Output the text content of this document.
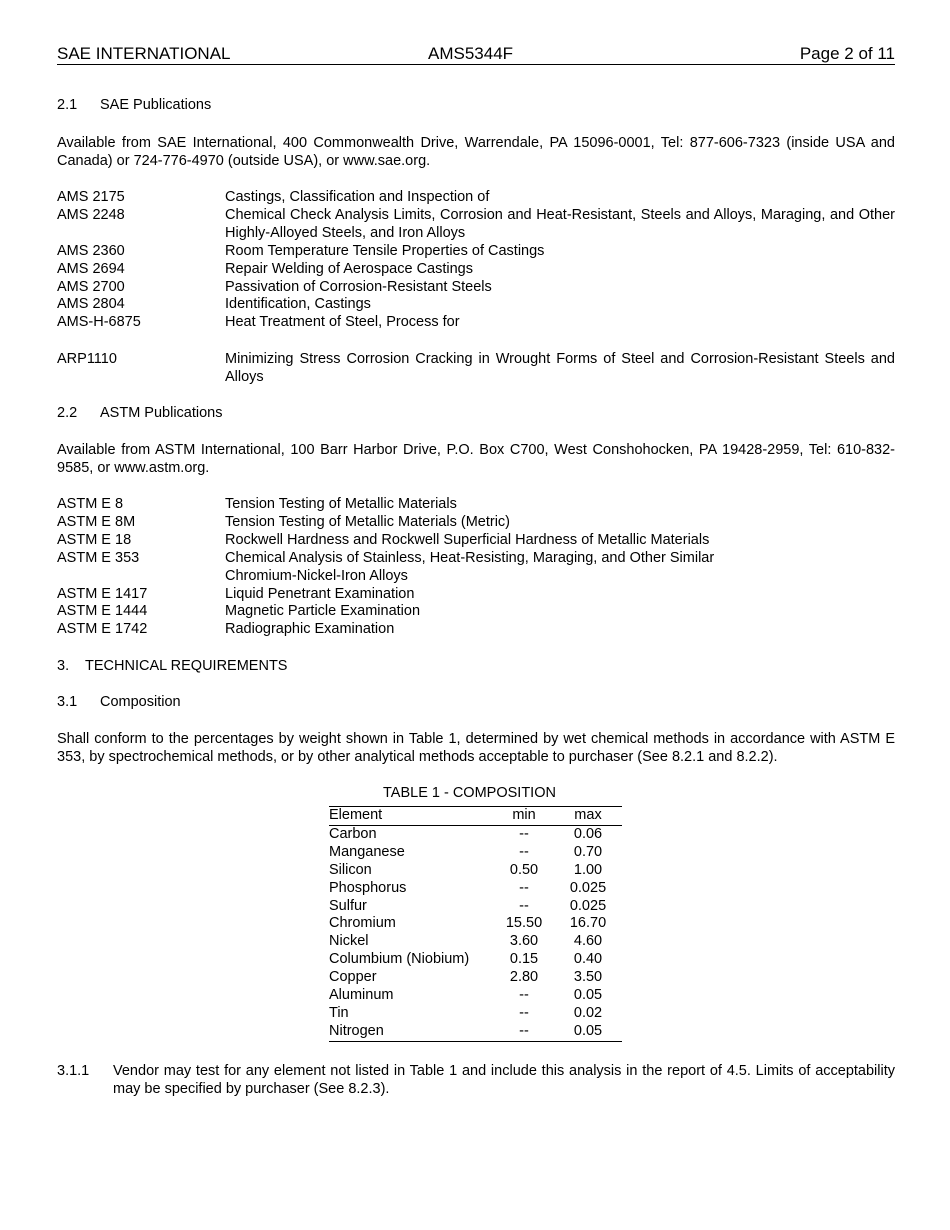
SAE INTERNATIONAL	AMS5344F	Page 2 of 11
2.1 SAE Publications
Available from SAE International, 400 Commonwealth Drive, Warrendale, PA 15096-0001, Tel: 877-606-7323 (inside USA and Canada) or 724-776-4970 (outside USA), or www.sae.org.
AMS 2175	Castings, Classification and Inspection of
AMS 2248	Chemical Check Analysis Limits, Corrosion and Heat-Resistant, Steels and Alloys, Maraging, and Other Highly-Alloyed Steels, and Iron Alloys
AMS 2360	Room Temperature Tensile Properties of Castings
AMS 2694	Repair Welding of Aerospace Castings
AMS 2700	Passivation of Corrosion-Resistant Steels
AMS 2804	Identification, Castings
AMS-H-6875	Heat Treatment of Steel, Process for
ARP1110	Minimizing Stress Corrosion Cracking in Wrought Forms of Steel and Corrosion-Resistant Steels and Alloys
2.2 ASTM Publications
Available from ASTM International, 100 Barr Harbor Drive, P.O. Box C700, West Conshohocken, PA 19428-2959, Tel: 610-832-9585, or www.astm.org.
ASTM E 8	Tension Testing of Metallic Materials
ASTM E 8M	Tension Testing of Metallic Materials (Metric)
ASTM E 18	Rockwell Hardness and Rockwell Superficial Hardness of Metallic Materials
ASTM E 353	Chemical Analysis of Stainless, Heat-Resisting, Maraging, and Other Similar Chromium-Nickel-Iron Alloys
ASTM E 1417	Liquid Penetrant Examination
ASTM E 1444	Magnetic Particle Examination
ASTM E 1742	Radiographic Examination
3. TECHNICAL REQUIREMENTS
3.1 Composition
Shall conform to the percentages by weight shown in Table 1, determined by wet chemical methods in accordance with ASTM E 353, by spectrochemical methods, or by other analytical methods acceptable to purchaser (See 8.2.1 and 8.2.2).
TABLE 1 - COMPOSITION
Element	min	max
Carbon	--	0.06
Manganese	--	0.70
Silicon	0.50	1.00
Phosphorus	--	0.025
Sulfur	--	0.025
Chromium	15.50	16.70
Nickel	3.60	4.60
Columbium (Niobium)	0.15	0.40
Copper	2.80	3.50
Aluminum	--	0.05
Tin	--	0.02
Nitrogen	--	0.05
3.1.1 Vendor may test for any element not listed in Table 1 and include this analysis in the report of 4.5. Limits of acceptability may be specified by purchaser (See 8.2.3).
